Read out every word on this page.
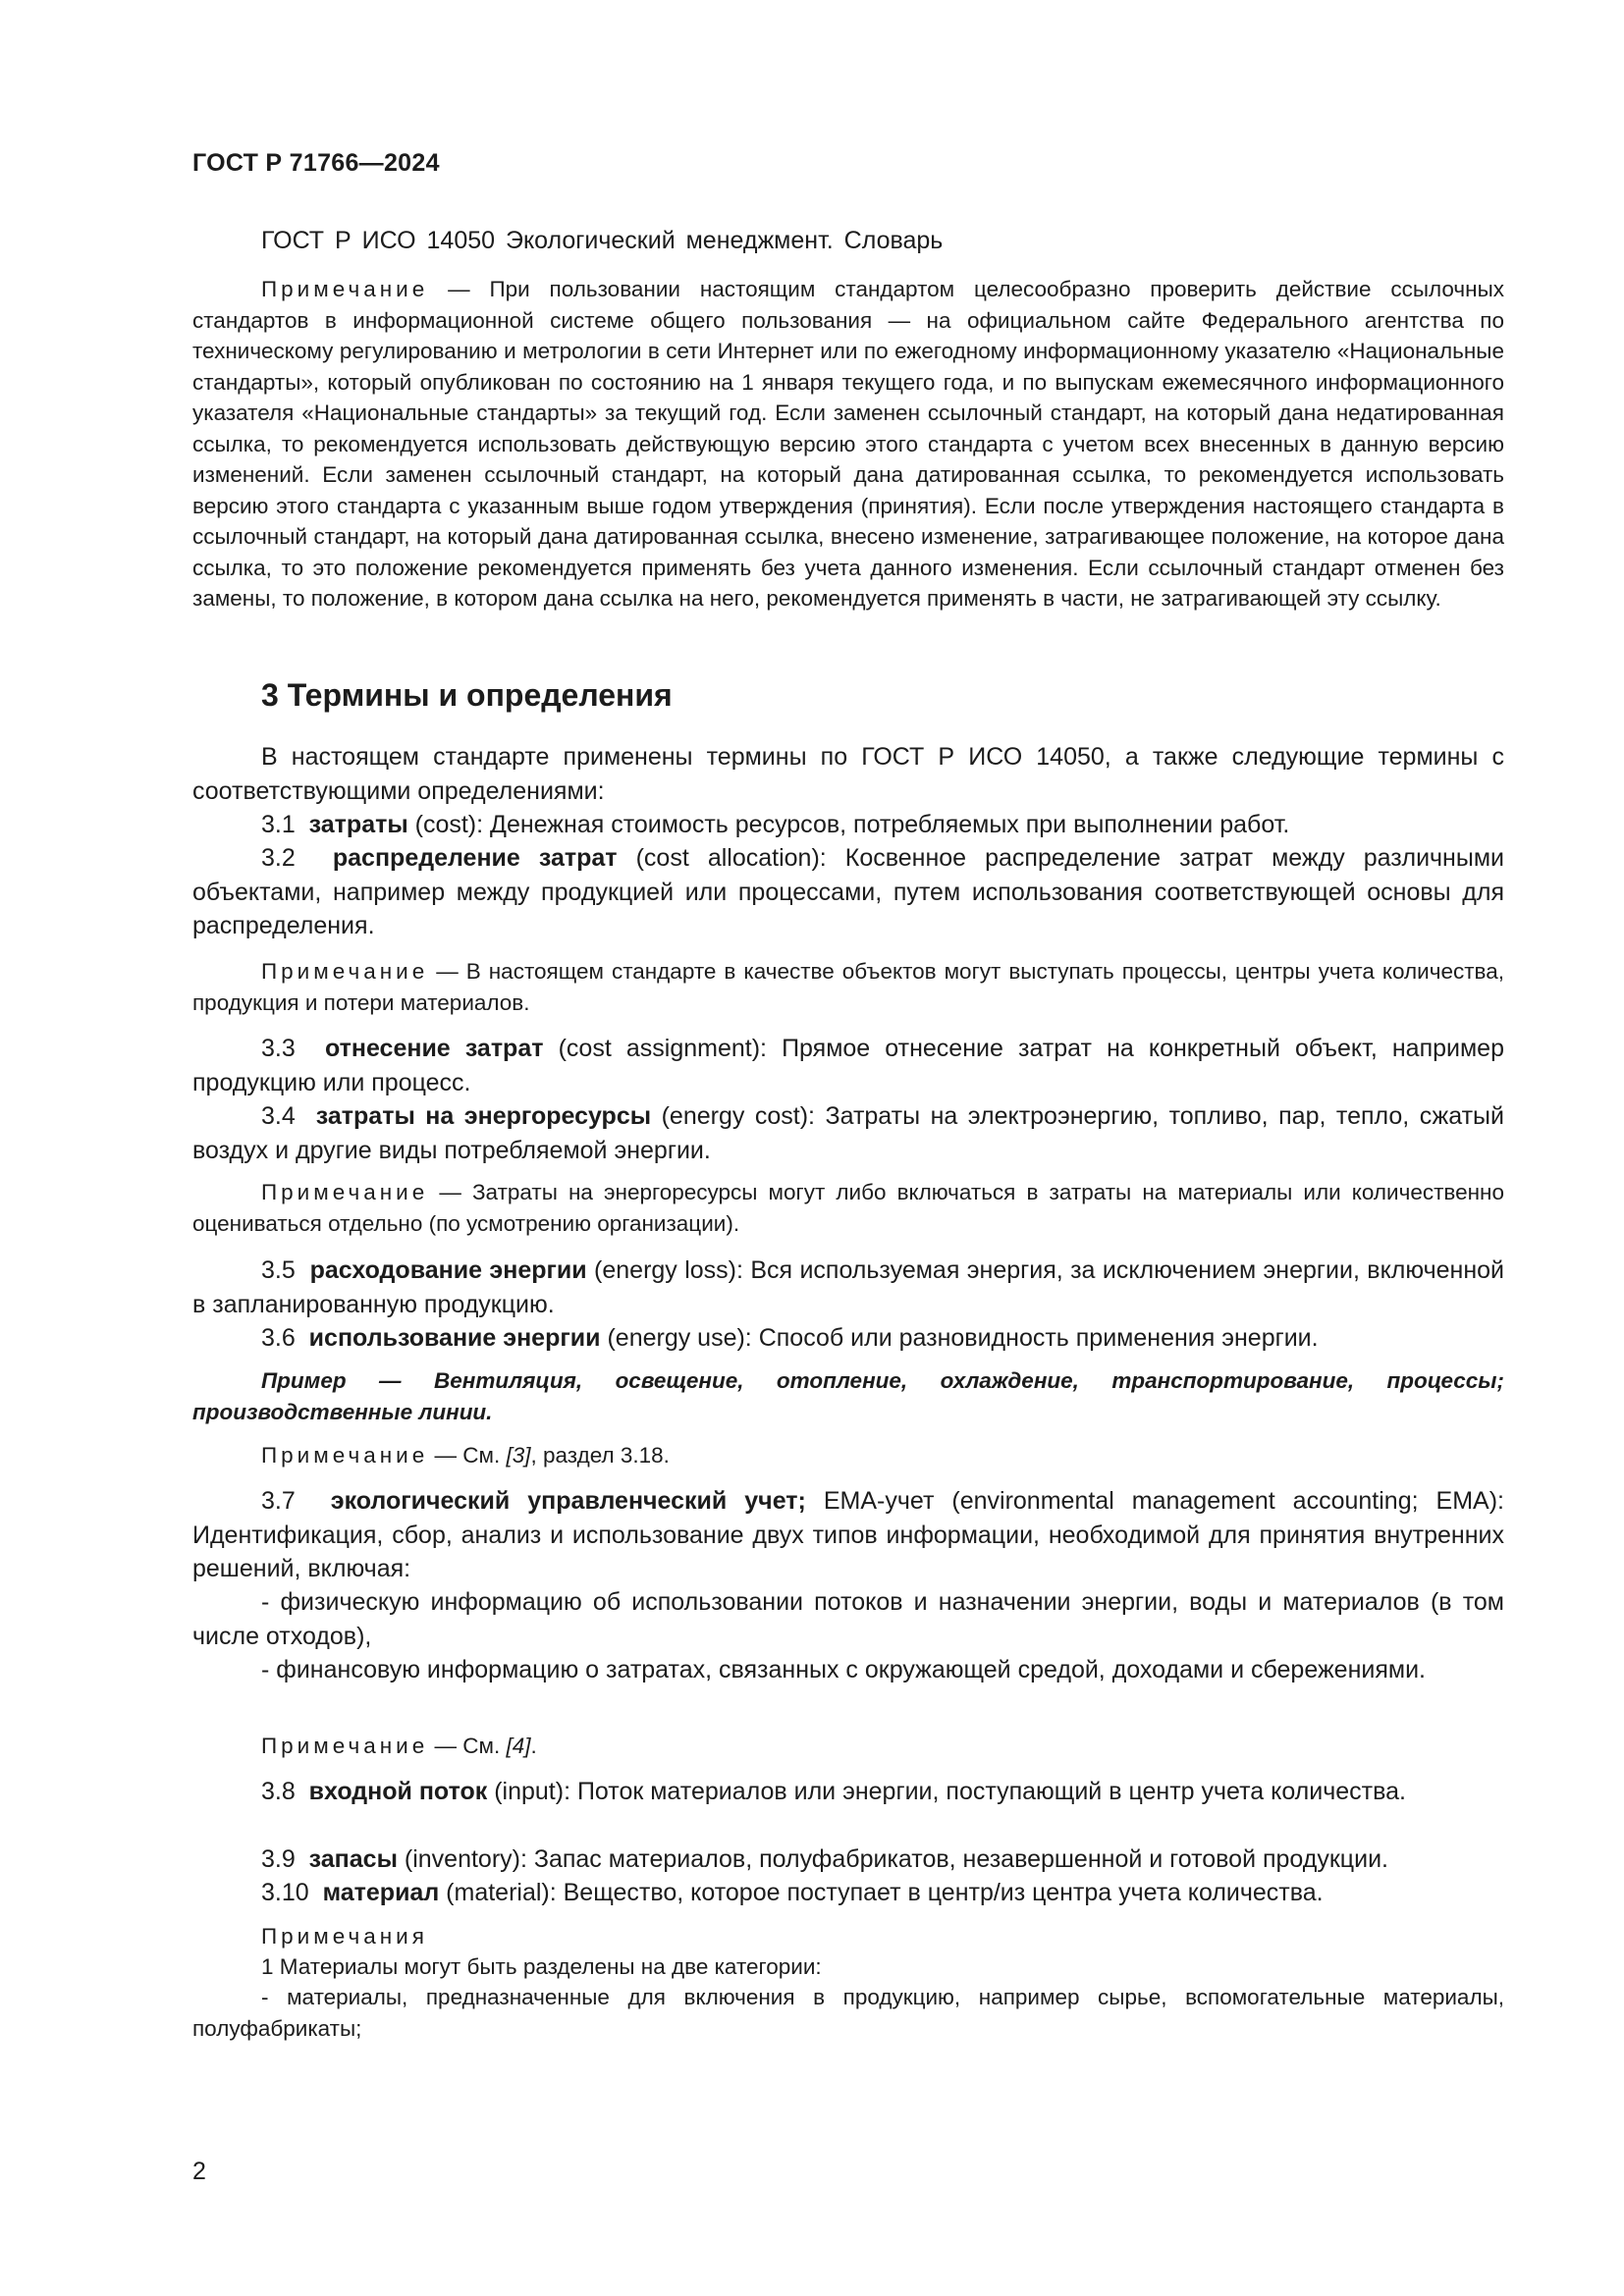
ГОСТ Р 71766—2024
ГОСТ Р ИСО 14050 Экологический менеджмент. Словарь

Примечание — При пользовании настоящим стандартом целесообразно проверить действие ссылочных стандартов в информационной системе общего пользования — на официальном сайте Федерального агентства по техническому регулированию и метрологии в сети Интернет или по ежегодному информационному указателю «Национальные стандарты», который опубликован по состоянию на 1 января текущего года, и по выпускам ежемесячного информационного указателя «Национальные стандарты» за текущий год. Если заменен ссылочный стандарт, на который дана недатированная ссылка, то рекомендуется использовать действующую версию этого стандарта с учетом всех внесенных в данную версию изменений. Если заменен ссылочный стандарт, на который дана датированная ссылка, то рекомендуется использовать версию этого стандарта с указанным выше годом утверждения (принятия). Если после утверждения настоящего стандарта в ссылочный стандарт, на который дана датированная ссылка, внесено изменение, затрагивающее положение, на которое дана ссылка, то это положение рекомендуется применять без учета данного изменения. Если ссылочный стандарт отменен без замены, то положение, в котором дана ссылка на него, рекомендуется применять в части, не затрагивающей эту ссылку.

3 Термины и определения

В настоящем стандарте применены термины по ГОСТ Р ИСО 14050, а также следующие термины с соответствующими определениями:

3.1 затраты (cost): Денежная стоимость ресурсов, потребляемых при выполнении работ.
3.2 распределение затрат (cost allocation): Косвенное распределение затрат между различными объектами, например между продукцией или процессами, путем использования соответствующей основы для распределения.

Примечание — В настоящем стандарте в качестве объектов могут выступать процессы, центры учета количества, продукция и потери материалов.

3.3 отнесение затрат (cost assignment): Прямое отнесение затрат на конкретный объект, например продукцию или процесс.
3.4 затраты на энергоресурсы (energy cost): Затраты на электроэнергию, топливо, пар, тепло, сжатый воздух и другие виды потребляемой энергии.

Примечание — Затраты на энергоресурсы могут либо включаться в затраты на материалы или количественно оцениваться отдельно (по усмотрению организации).

3.5 расходование энергии (energy loss): Вся используемая энергия, за исключением энергии, включенной в запланированную продукцию.
3.6 использование энергии (energy use): Способ или разновидность применения энергии.

Пример — Вентиляция, освещение, отопление, охлаждение, транспортирование, процессы; производственные линии.

Примечание — См. [3], раздел 3.18.

3.7 экологический управленческий учет; ЕМА-учет (environmental management accounting; EMA): Идентификация, сбор, анализ и использование двух типов информации, необходимой для принятия внутренних решений, включая:
- физическую информацию об использовании потоков и назначении энергии, воды и материалов (в том числе отходов),
- финансовую информацию о затратах, связанных с окружающей средой, доходами и сбережениями.

Примечание — См. [4].

3.8 входной поток (input): Поток материалов или энергии, поступающий в центр учета количества.
3.9 запасы (inventory): Запас материалов, полуфабрикатов, незавершенной и готовой продукции.
3.10 материал (material): Вещество, которое поступает в центр/из центра учета количества.
Примечания
1 Материалы могут быть разделены на две категории:
- материалы, предназначенные для включения в продукцию, например сырье, вспомогательные материалы, полуфабрикаты;
2
